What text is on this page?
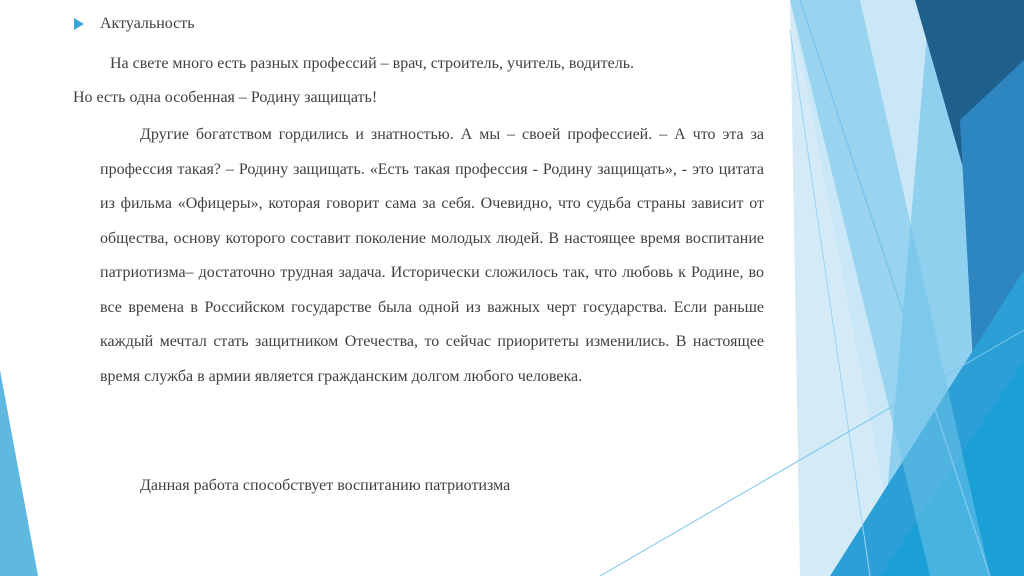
Актуальность
На свете много есть разных профессий – врач, строитель, учитель, водитель.
Но есть одна особенная – Родину защищать!

Другие богатством гордились и знатностью. А мы – своей профессией. – А что эта за профессия такая? – Родину защищать. «Есть такая профессия - Родину защищать», - это цитата из фильма «Офицеры», которая говорит сама за себя. Очевидно, что судьба страны зависит от общества, основу которого составит поколение молодых людей. В настоящее время воспитание патриотизма– достаточно трудная задача. Исторически сложилось так, что любовь к Родине, во все времена в Российском государстве была одной из важных черт государства. Если раньше каждый мечтал стать защитником Отечества, то сейчас приоритеты изменились. В настоящее время служба в армии является гражданским долгом любого человека.

Данная работа способствует воспитанию патриотизма
